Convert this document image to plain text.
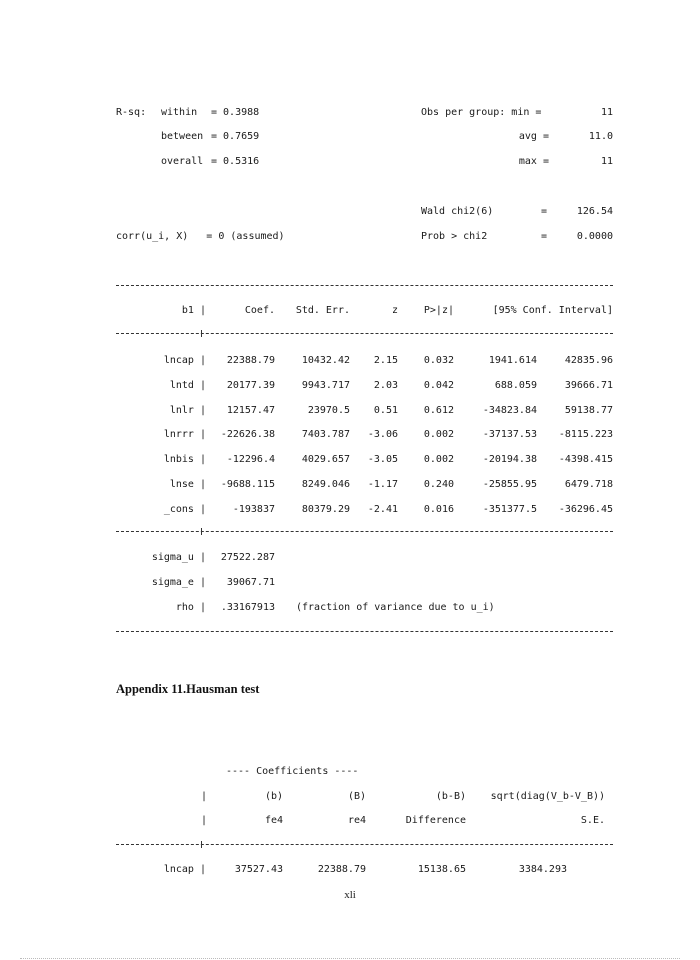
R-sq: within = 0.3988	Obs per group: min =	11
between = 0.7659	avg =	11.0
overall = 0.5316	max =	11
Wald chi2(6)	=	126.54
corr(u_i, X)   = 0 (assumed)	Prob > chi2	=	0.0000
b1 |	Coef.	Std. Err.	z	P>|z|	[95% Conf. Interval]
lncap |	22388.79	10432.42	2.15	0.032	1941.614	42835.96
lntd |	20177.39	9943.717	2.03	0.042	688.059	39666.71
lnlr |	12157.47	23970.5	0.51	0.612	-34823.84	59138.77
lnrrr |	-22626.38	7403.787	-3.06	0.002	-37137.53	-8115.223
lnbis |	-12296.4	4029.657	-3.05	0.002	-20194.38	-4398.415
lnse |	-9688.115	8249.046	-1.17	0.240	-25855.95	6479.718
_cons |	-193837	80379.29	-2.41	0.016	-351377.5	-36296.45
sigma_u |	27522.287
sigma_e |	39067.71
rho |	.33167913 (fraction of variance due to u_i)
Appendix 11.Hausman test
---- Coefficients ----
|	(b)	(B)	(b-B)	sqrt(diag(V_b-V_B))
|	fe4	re4	Difference	S.E.
lncap |	37527.43	22388.79	15138.65	3384.293
xli
